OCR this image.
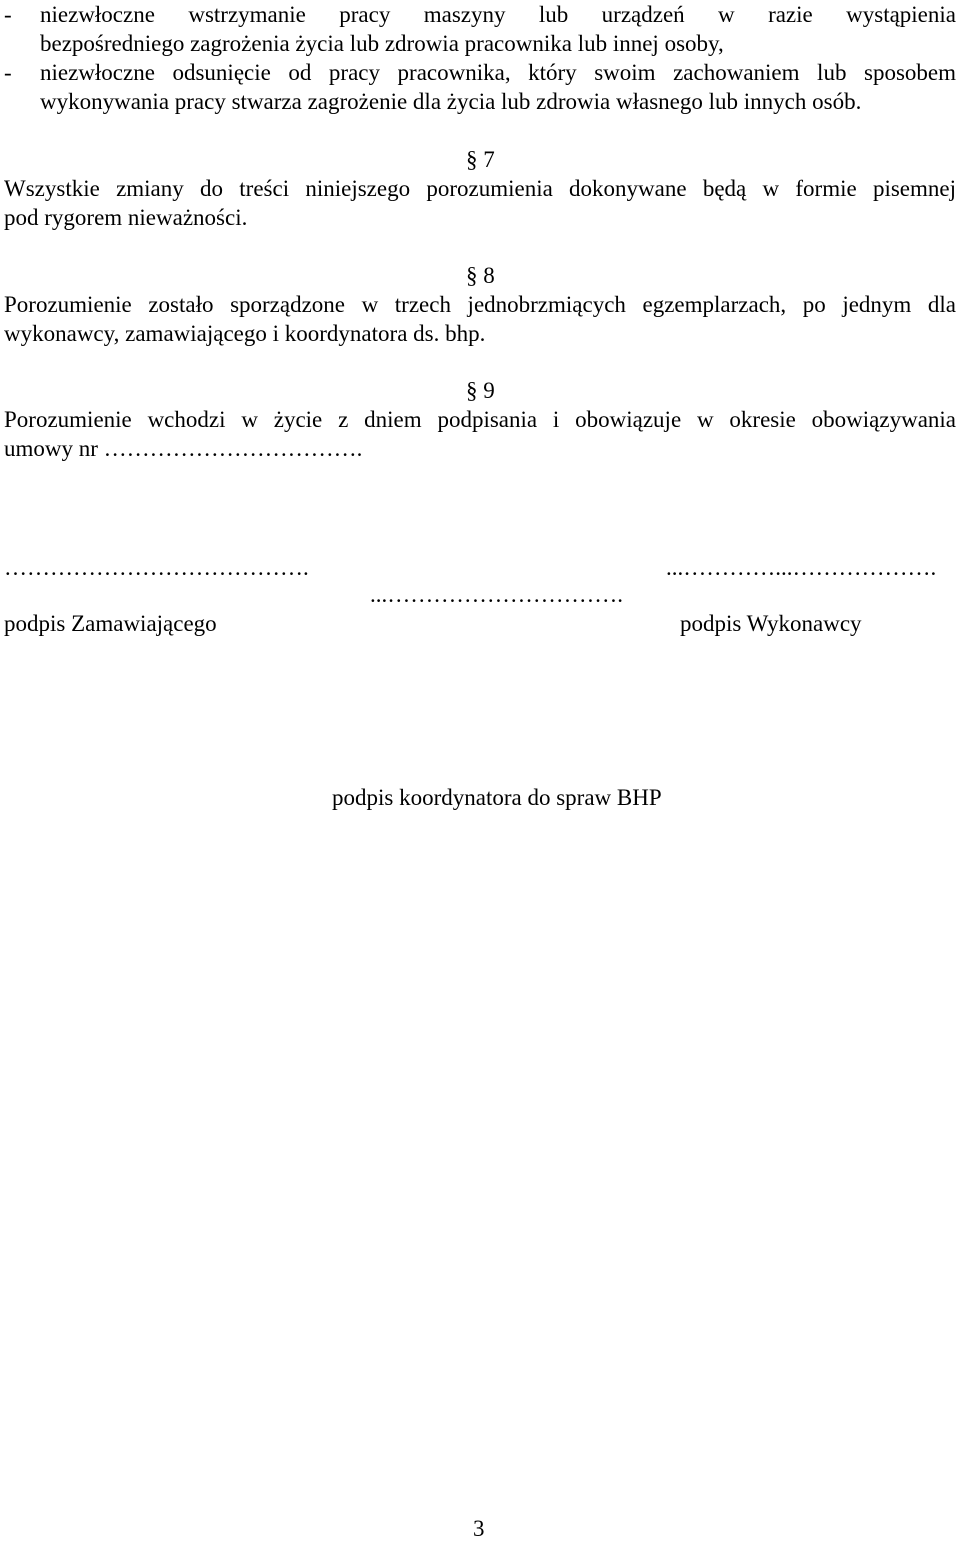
- niezwłoczne wstrzymanie pracy maszyny lub urządzeń w razie wystąpienia
bezpośredniego zagrożenia życia lub zdrowia pracownika lub innej osoby,
- niezwłoczne odsunięcie od pracy pracownika, który swoim zachowaniem lub sposobem
wykonywania pracy stwarza zagrożenie dla życia lub zdrowia własnego lub innych osób.
§ 7
Wszystkie zmiany do treści niniejszego porozumienia dokonywane będą w formie pisemnej
pod rygorem nieważności.
§ 8
Porozumienie zostało sporządzone w trzech jednobrzmiących egzemplarzach, po jednym dla
wykonawcy, zamawiającego i koordynatora ds. bhp.
§ 9
Porozumienie wchodzi w życie z dniem podpisania i obowiązuje w okresie obowiązywania
umowy nr …………………………….
………………………………….	...…………...……………….
...………………………….
podpis Zamawiającego	podpis Wykonawcy
podpis koordynatora do spraw BHP
3
